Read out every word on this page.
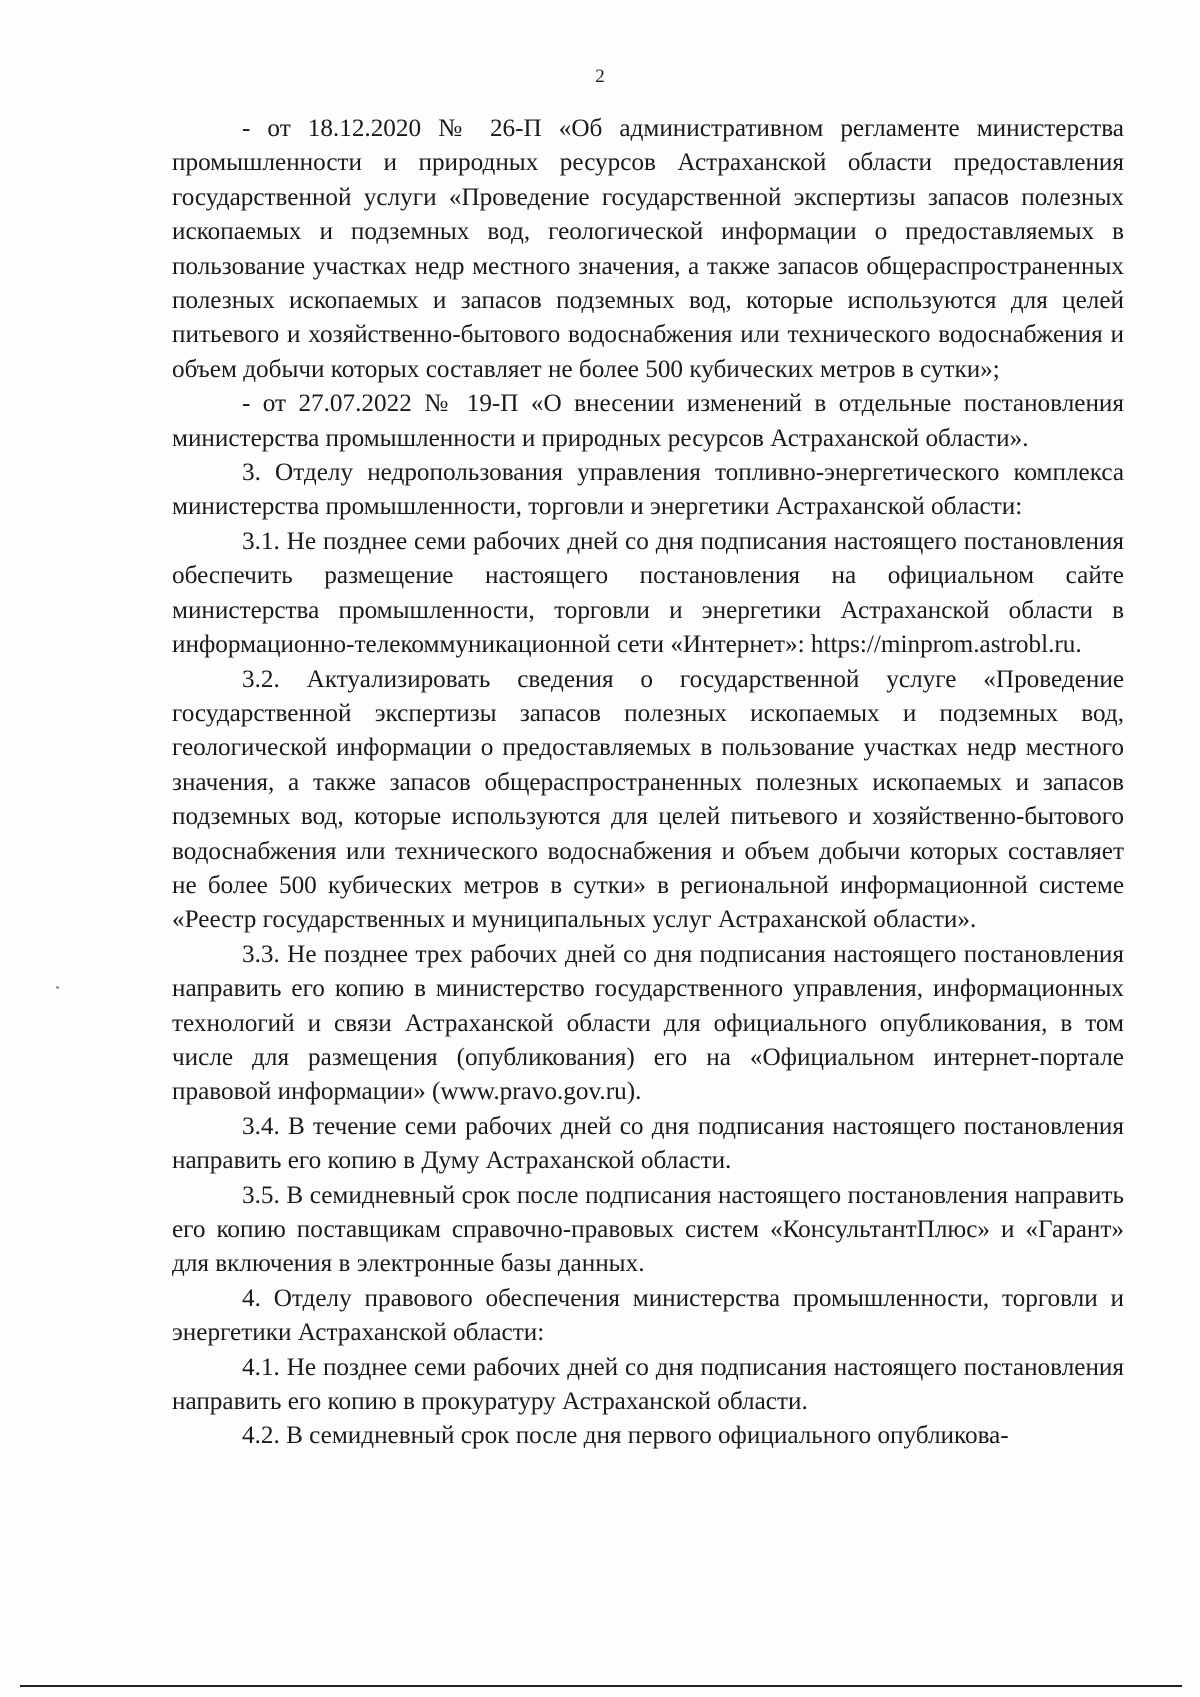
2

- от 18.12.2020 № 26-П «Об административном регламенте министерства промышленности и природных ресурсов Астраханской области предоставления государственной услуги «Проведение государственной экспертизы запасов полезных ископаемых и подземных вод, геологической информации о предоставляемых в пользование участках недр местного значения, а также запасов общераспространенных полезных ископаемых и запасов подземных вод, которые используются для целей питьевого и хозяйственно-бытового водоснабжения или технического водоснабжения и объем добычи которых составляет не более 500 кубических метров в сутки»;

- от 27.07.2022 № 19-П «О внесении изменений в отдельные постановления министерства промышленности и природных ресурсов Астраханской области».

3. Отделу недропользования управления топливно-энергетического комплекса министерства промышленности, торговли и энергетики Астраханской области:

3.1. Не позднее семи рабочих дней со дня подписания настоящего постановления обеспечить размещение настоящего постановления на официальном сайте министерства промышленности, торговли и энергетики Астраханской области в информационно-телекоммуникационной сети «Интернет»: https://minprom.astrobl.ru.

3.2. Актуализировать сведения о государственной услуге «Проведение государственной экспертизы запасов полезных ископаемых и подземных вод, геологической информации о предоставляемых в пользование участках недр местного значения, а также запасов общераспространенных полезных ископаемых и запасов подземных вод, которые используются для целей питьевого и хозяйственно-бытового водоснабжения или технического водоснабжения и объем добычи которых составляет не более 500 кубических метров в сутки» в региональной информационной системе «Реестр государственных и муниципальных услуг Астраханской области».

3.3. Не позднее трех рабочих дней со дня подписания настоящего постановления направить его копию в министерство государственного управления, информационных технологий и связи Астраханской области для официального опубликования, в том числе для размещения (опубликования) его на «Официальном интернет-портале правовой информации» (www.pravo.gov.ru).

3.4. В течение семи рабочих дней со дня подписания настоящего постановления направить его копию в Думу Астраханской области.

3.5. В семидневный срок после подписания настоящего постановления направить его копию поставщикам справочно-правовых систем «КонсультантПлюс» и «Гарант» для включения в электронные базы данных.

4. Отделу правового обеспечения министерства промышленности, торговли и энергетики Астраханской области:

4.1. Не позднее семи рабочих дней со дня подписания настоящего постановления направить его копию в прокуратуру Астраханской области.

4.2. В семидневный срок после дня первого официального опубликова-
